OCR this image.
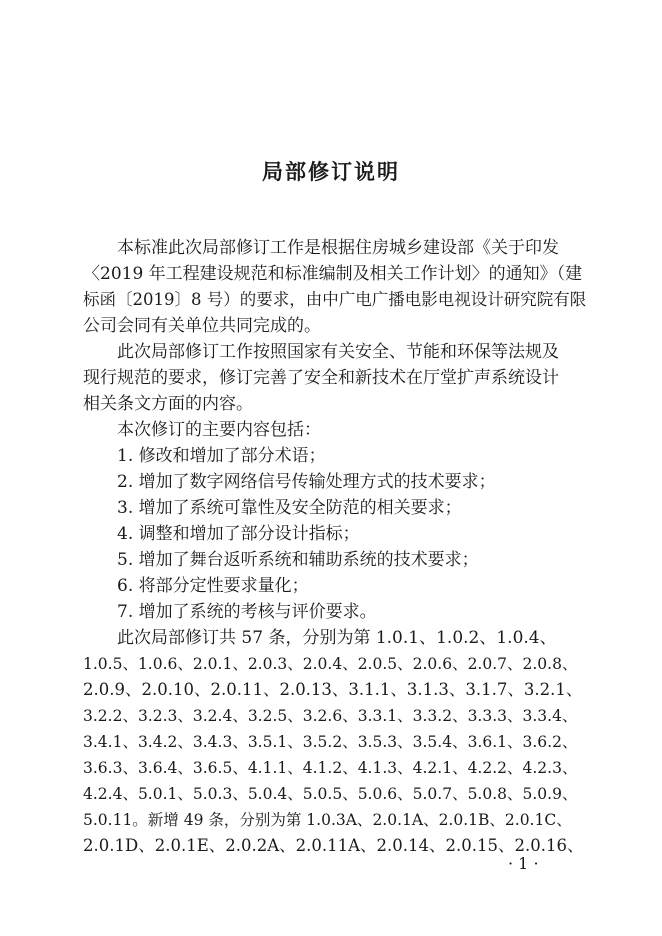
局部修订说明
本标准此次局部修订工作是根据住房城乡建设部《关于印发
〈2019 年工程建设规范和标准编制及相关工作计划〉的通知》（建
标函〔2019〕8 号）的要求，由中广电广播电影电视设计研究院有限
公司会同有关单位共同完成的。
此次局部修订工作按照国家有关安全、节能和环保等法规及
现行规范的要求，修订完善了安全和新技术在厅堂扩声系统设计
相关条文方面的内容。
本次修订的主要内容包括：
1. 修改和增加了部分术语；
2. 增加了数字网络信号传输处理方式的技术要求；
3. 增加了系统可靠性及安全防范的相关要求；
4. 调整和增加了部分设计指标；
5. 增加了舞台返听系统和辅助系统的技术要求；
6. 将部分定性要求量化；
7. 增加了系统的考核与评价要求。
此次局部修订共 57 条，分别为第 1.0.1、1.0.2、1.0.4、
1.0.5、1.0.6、2.0.1、2.0.3、2.0.4、2.0.5、2.0.6、2.0.7、2.0.8、
2.0.9、2.0.10、2.0.11、2.0.13、3.1.1、3.1.3、3.1.7、3.2.1、
3.2.2、3.2.3、3.2.4、3.2.5、3.2.6、3.3.1、3.3.2、3.3.3、3.3.4、
3.4.1、3.4.2、3.4.3、3.5.1、3.5.2、3.5.3、3.5.4、3.6.1、3.6.2、
3.6.3、3.6.4、3.6.5、4.1.1、4.1.2、4.1.3、4.2.1、4.2.2、4.2.3、
4.2.4、5.0.1、5.0.3、5.0.4、5.0.5、5.0.6、5.0.7、5.0.8、5.0.9、
5.0.11。新增 49 条，分别为第 1.0.3A、2.0.1A、2.0.1B、2.0.1C、
2.0.1D、2.0.1E、2.0.2A、2.0.11A、2.0.14、2.0.15、2.0.16、
· 1 ·
